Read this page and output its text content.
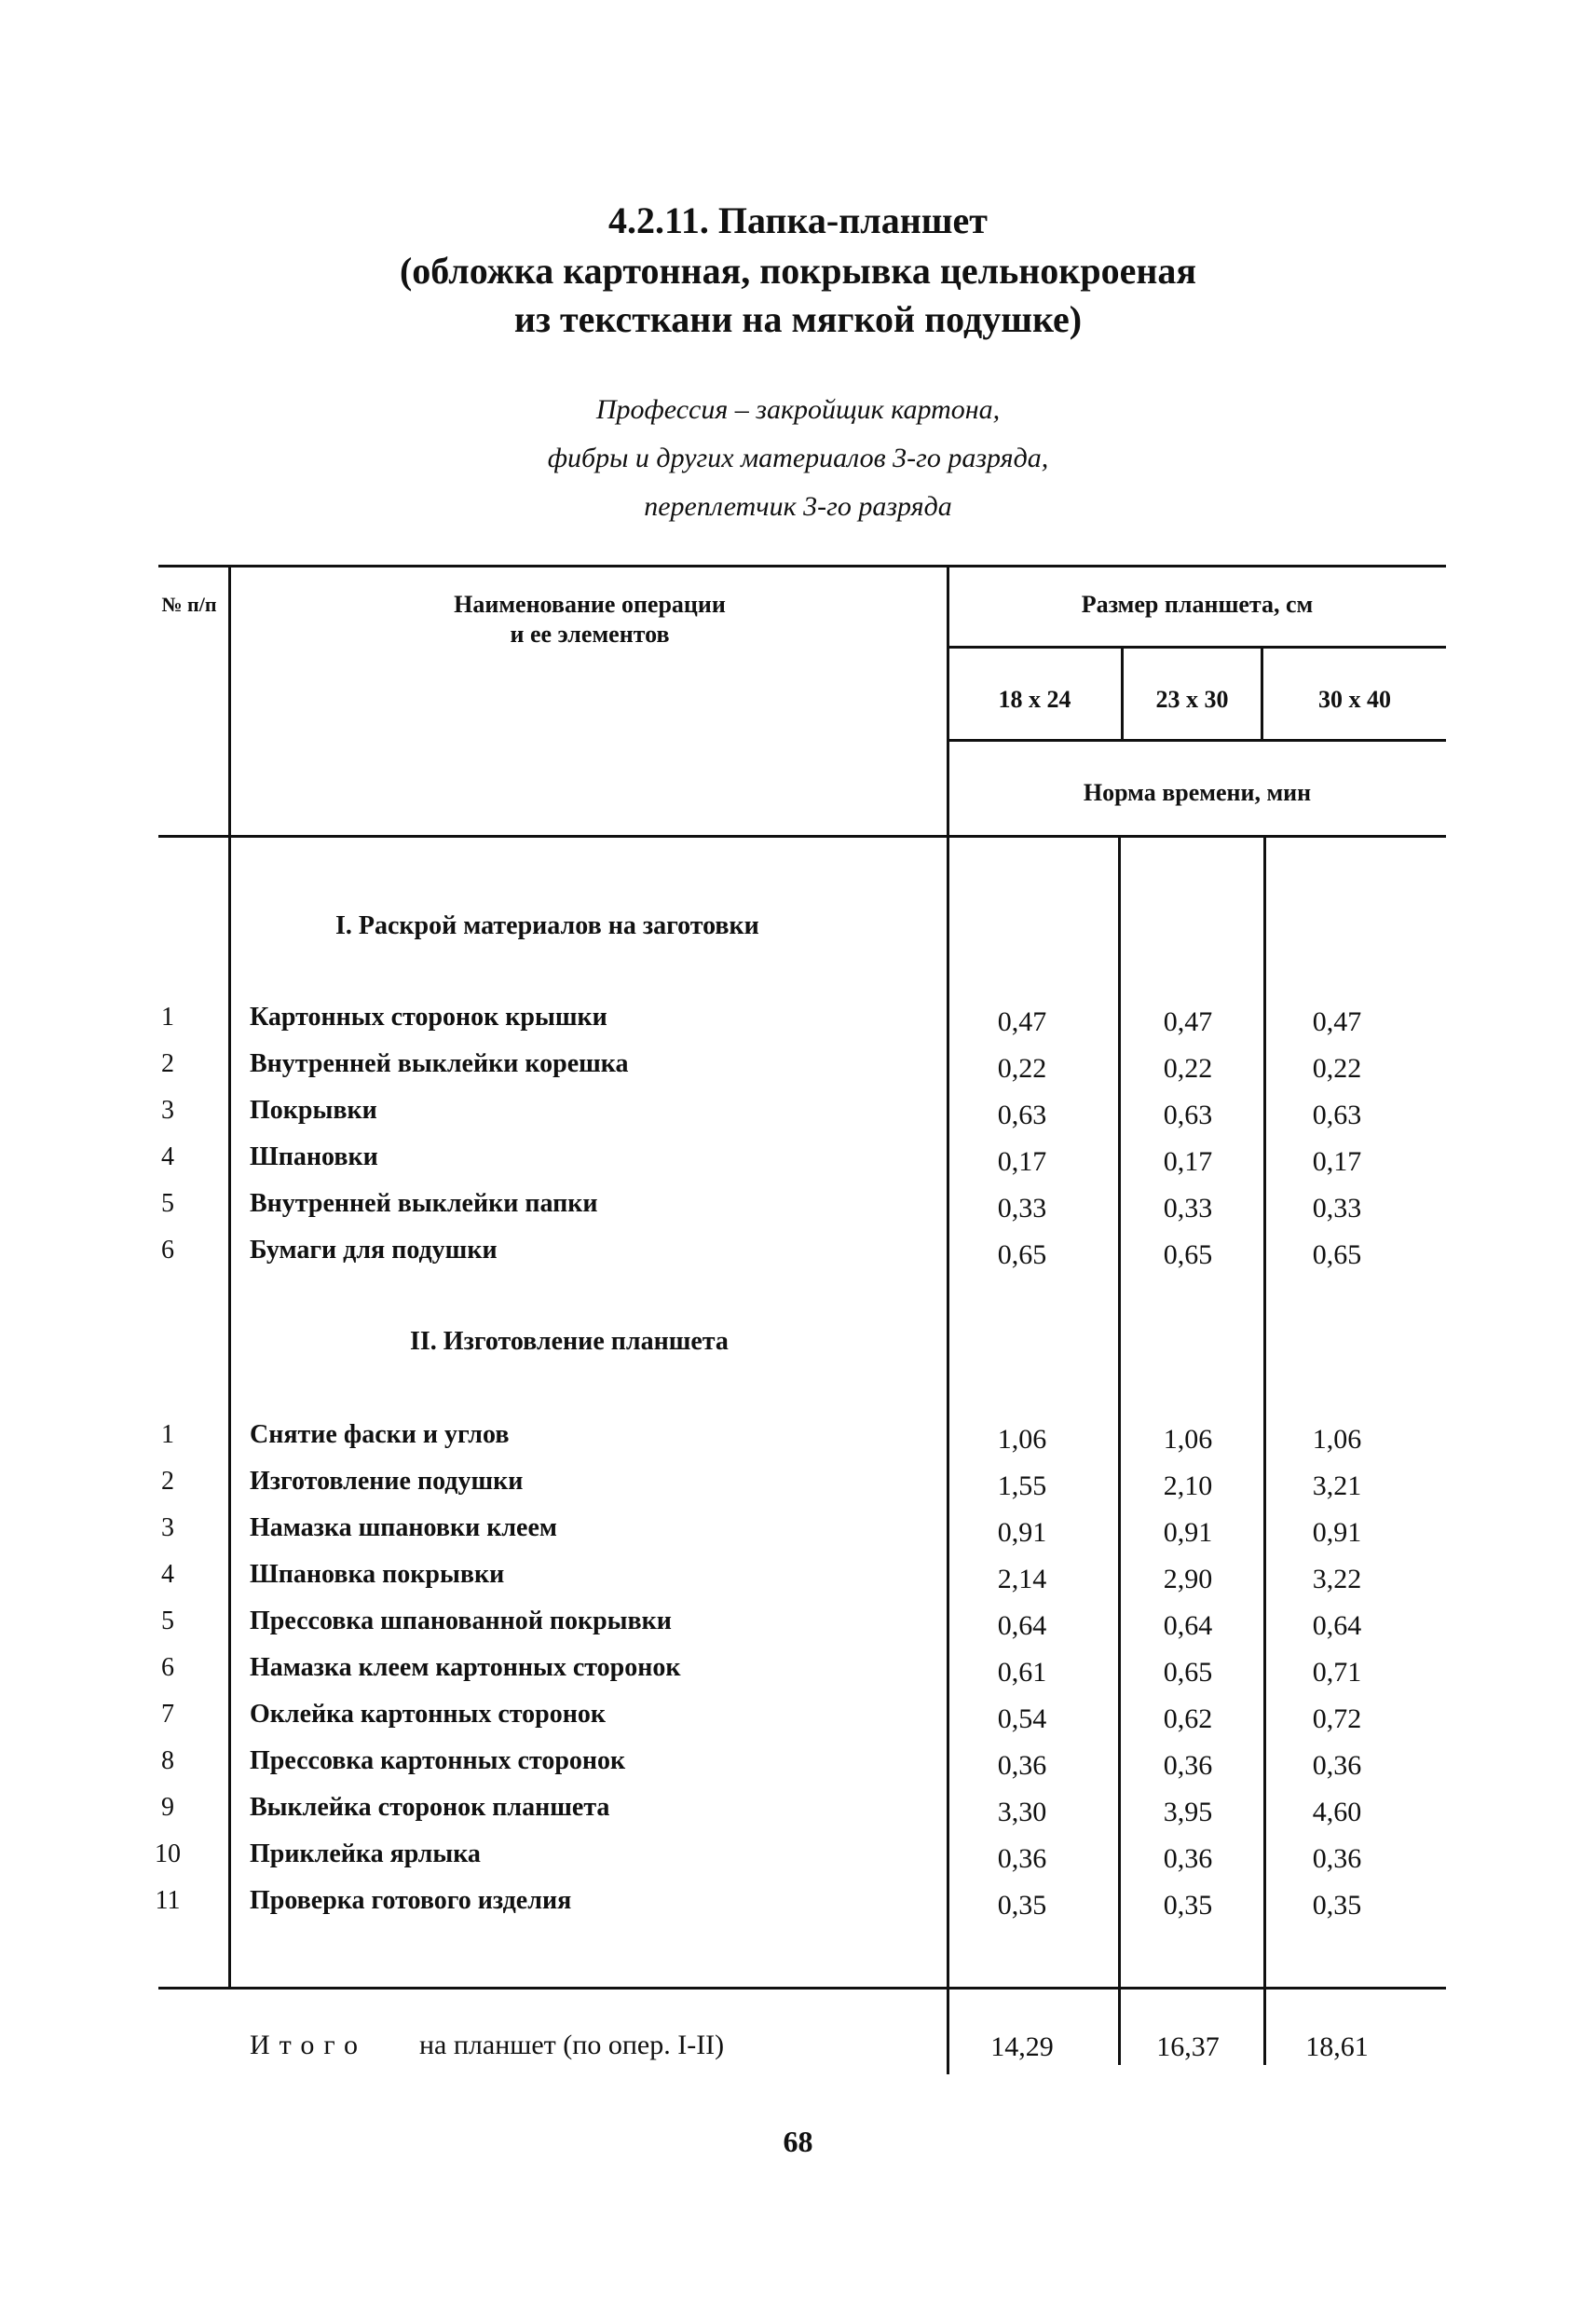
4.2.11. Папка-планшет
(обложка картонная, покрывка цельнокроеная
из тексткани на мягкой подушке)
Профессия – закройщик картона,
фибры и других материалов 3-го разряда,
переплетчик 3-го разряда
№ п/п	Наименование операции
и ее элементов
Размер планшета, см
18 x 24	23 x 30	30 x 40
Норма времени, мин
I. Раскрой материалов на заготовки
1	Картонных сторонок крышки	0,47	0,47	0,47
2	Внутренней выклейки корешка	0,22	0,22	0,22
3	Покрывки	0,63	0,63	0,63
4	Шпановки	0,17	0,17	0,17
5	Внутренней выклейки папки	0,33	0,33	0,33
6	Бумаги для подушки	0,65	0,65	0,65
II. Изготовление планшета
1	Снятие фаски и углов	1,06	1,06	1,06
2	Изготовление подушки	1,55	2,10	3,21
3	Намазка шпановки клеем	0,91	0,91	0,91
4	Шпановка покрывки	2,14	2,90	3,22
5	Прессовка шпанованной покрывки	0,64	0,64	0,64
6	Намазка клеем картонных сторонок	0,61	0,65	0,71
7	Оклейка картонных сторонок	0,54	0,62	0,72
8	Прессовка картонных сторонок	0,36	0,36	0,36
9	Выклейка сторонок планшета	3,30	3,95	4,60
10	Приклейка ярлыка	0,36	0,36	0,36
11	Проверка готового изделия	0,35	0,35	0,35
Итого на планшет (по опер. I-II)	14,29	16,37	18,61
68
